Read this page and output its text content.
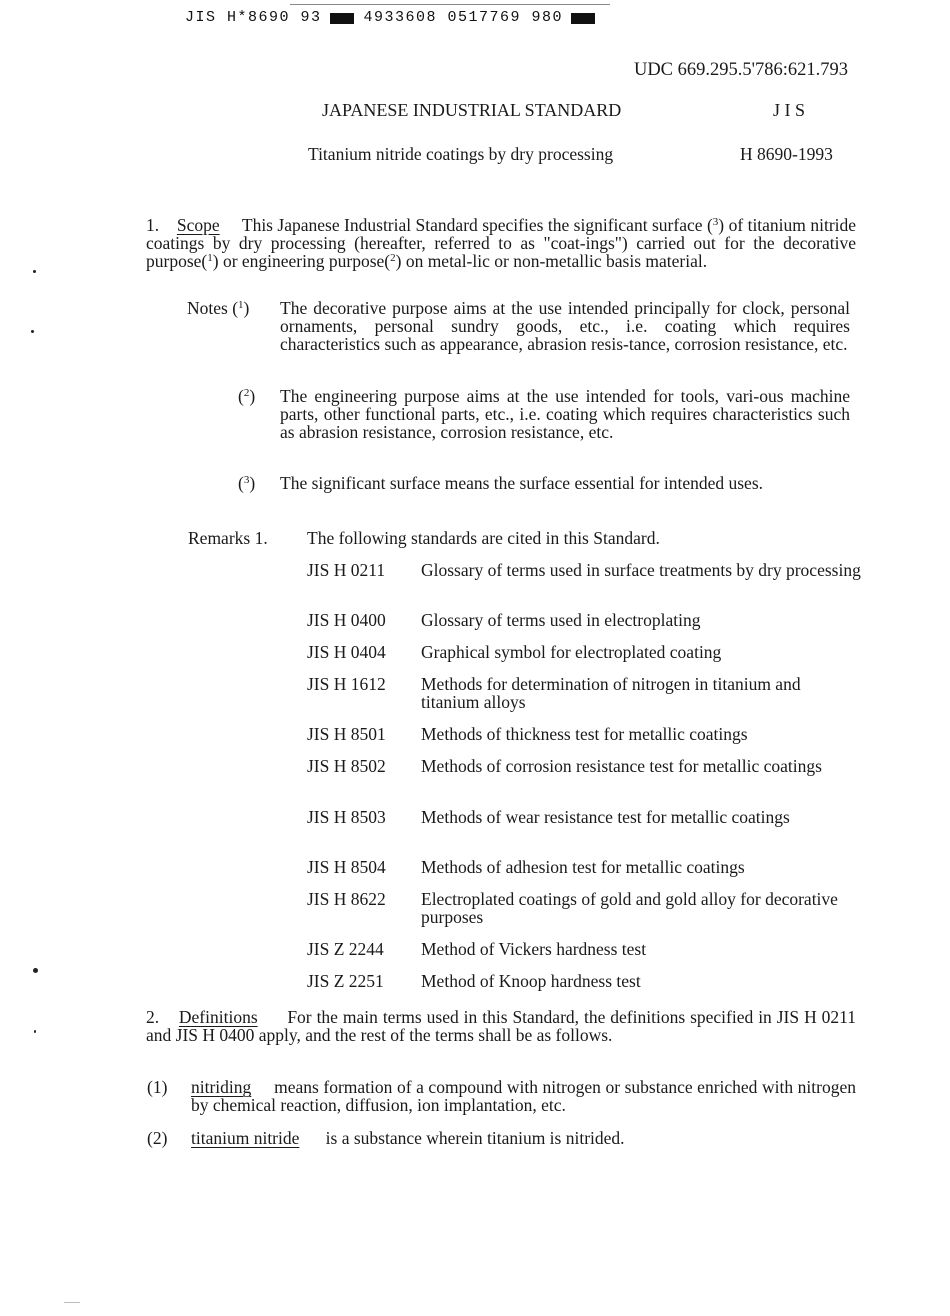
JIS H*8690 93	4933608 0517769 980
UDC 669.295.5'786:621.793
JAPANESE INDUSTRIAL STANDARD	J I S
Titanium nitride coatings by dry processing	H 8690-1993
1. Scope This Japanese Industrial Standard specifies the significant surface ($^3$) of titanium nitride coatings by dry processing (hereafter, referred to as "coat-ings") carried out for the decorative purpose($^1$) or engineering purpose($^2$) on metal-lic or non-metallic basis material.
Notes ($^1$) The decorative purpose aims at the use intended principally for clock, personal ornaments, personal sundry goods, etc., i.e. coating which requires characteristics such as appearance, abrasion resis-tance, corrosion resistance, etc.
($^2$) The engineering purpose aims at the use intended for tools, vari-ous machine parts, other functional parts, etc., i.e. coating which requires characteristics such as abrasion resistance, corrosion resistance, etc.
($^3$) The significant surface means the surface essential for intended uses.
Remarks 1. The following standards are cited in this Standard.
JIS H 0211	Glossary of terms used in surface treatments by dry processing
JIS H 0400	Glossary of terms used in electroplating
JIS H 0404	Graphical symbol for electroplated coating
JIS H 1612	Methods for determination of nitrogen in titanium and titanium alloys
JIS H 8501	Methods of thickness test for metallic coatings
JIS H 8502	Methods of corrosion resistance test for metallic coatings
JIS H 8503	Methods of wear resistance test for metallic coatings
JIS H 8504	Methods of adhesion test for metallic coatings
JIS H 8622	Electroplated coatings of gold and gold alloy for decorative purposes
JIS Z 2244	Method of Vickers hardness test
JIS Z 2251	Method of Knoop hardness test
2. Definitions For the main terms used in this Standard, the definitions specified in JIS H 0211 and JIS H 0400 apply, and the rest of the terms shall be as follows.
(1) nitriding means formation of a compound with nitrogen or substance enriched with nitrogen by chemical reaction, diffusion, ion implantation, etc.
(2) titanium nitride is a substance wherein titanium is nitrided.
